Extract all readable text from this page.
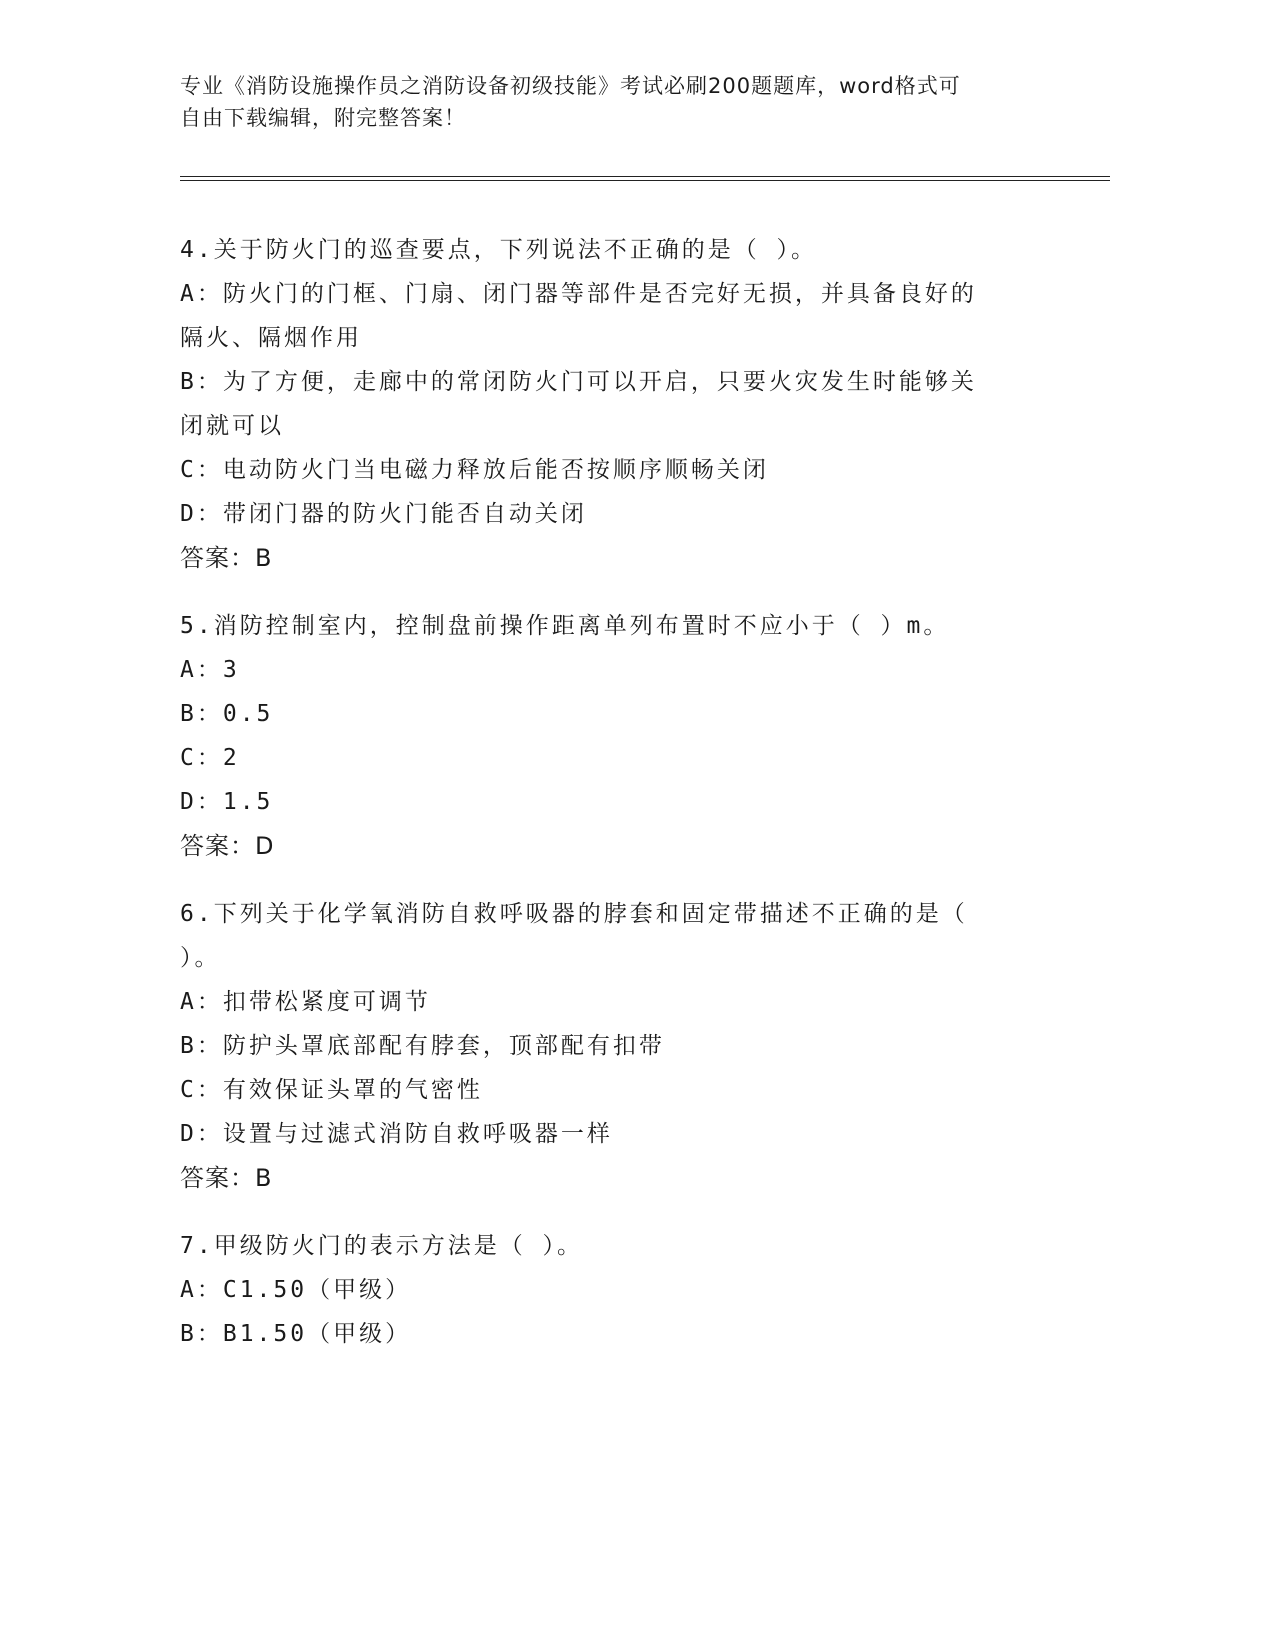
专业《消防设施操作员之消防设备初级技能》考试必刷200题题库，word格式可
自由下载编辑，附完整答案！
4.关于防火门的巡查要点，下列说法不正确的是（ ）。
A：防火门的门框、门扇、闭门器等部件是否完好无损，并具备良好的
隔火、隔烟作用
B：为了方便，走廊中的常闭防火门可以开启，只要火灾发生时能够关
闭就可以
C：电动防火门当电磁力释放后能否按顺序顺畅关闭
D：带闭门器的防火门能否自动关闭
答案：B
5.消防控制室内，控制盘前操作距离单列布置时不应小于（ ）m。
A：3
B：0.5
C：2
D：1.5
答案：D
6.下列关于化学氧消防自救呼吸器的脖套和固定带描述不正确的是（
）。
A：扣带松紧度可调节
B：防护头罩底部配有脖套，顶部配有扣带
C：有效保证头罩的气密性
D：设置与过滤式消防自救呼吸器一样
答案：B
7.甲级防火门的表示方法是（ ）。
A：C1.50（甲级）
B：B1.50（甲级）
